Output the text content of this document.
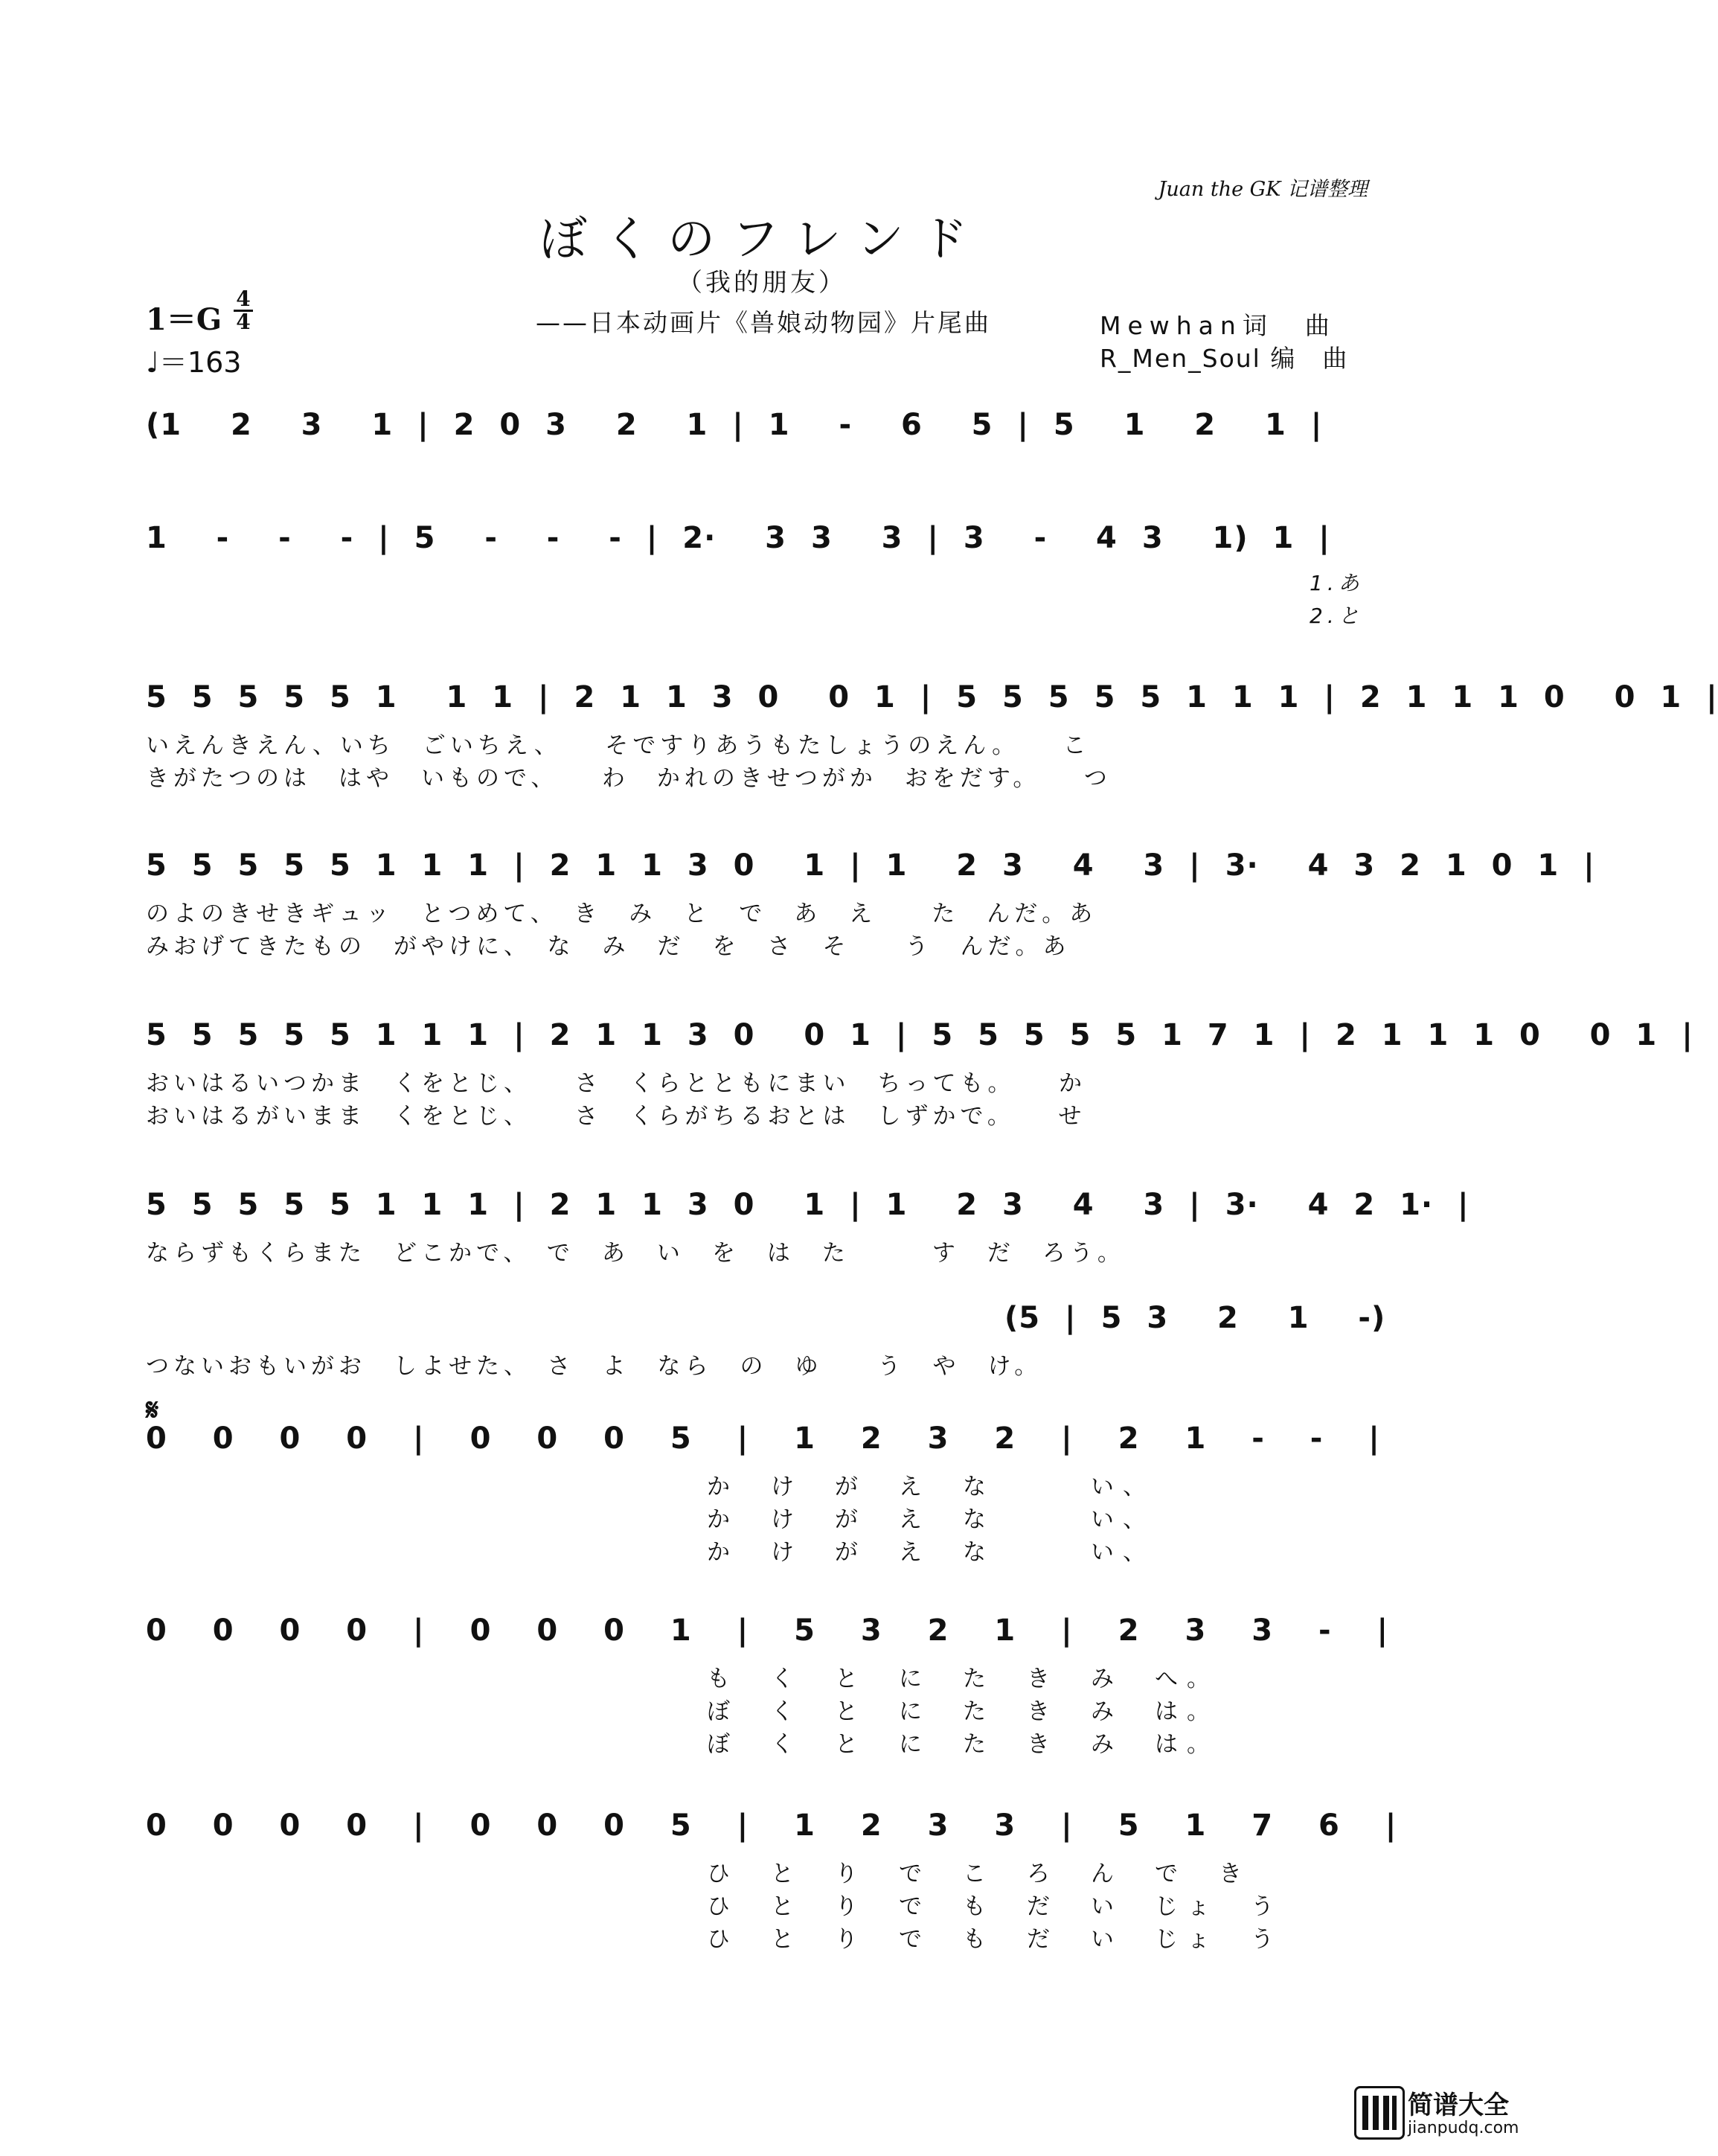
Juan the GK 记谱整理
ぼくのフレンド
（我的朋友）
——日本动画片《兽娘动物园》片尾曲
1＝G
4
4
♩＝163
Mewhan词　曲
R_Men_Soul 编　曲
(1  2  3  1 | 2 0 3  2  1 | 1  -  6  5 | 5  1  2  1 |
1  -  -  - | 5  -  -  - | 2·  3 3  3 | 3  -  4 3  1) 1 |
1.あ
2.と
5 5 5 5 5 1  1 1 | 2 1 1 3 0  0 1 | 5 5 5 5 5 1 1 1 | 2 1 1 1 0  0 1 |
いえんきえん、いち　ごいちえ、　　そですりあうもたしょうのえん。　　こ
きがたつのは　はや　いもので、　　わ　かれのきせつがか　おをだす。　　つ
5 5 5 5 5 1 1 1 | 2 1 1 3 0  1 | 1  2 3  4  3 | 3·  4 3 2 1 0 1 |
のよのきせきギュッ　とつめて、　き　み　と　で　あ　え　　た　んだ。あ
みおげてきたもの　がやけに、　な　み　だ　を　さ　そ　　う　んだ。あ
5 5 5 5 5 1 1 1 | 2 1 1 3 0  0 1 | 5 5 5 5 5 1 7 1 | 2 1 1 1 0  0 1 |
おいはるいつかま　くをとじ、　　さ　くらとともにまい　ちっても。　　か
おいはるがいまま　くをとじ、　　さ　くらがちるおとは　しずかで。　　せ
5 5 5 5 5 1 1 1 | 2 1 1 3 0  1 | 1  2 3  4  3 | 3·  4 2 1· |
ならずもくらまた　どこかで、　で　あ　い　を　は　た　　　す　だ　ろう。
(5 | 5 3  2  1  -)
つないおもいがお　しよせた、　さ　よ　なら　の　ゆ　　う　や　け。
0 0 0 0 | 0 0 0 5 | 1 2 3 2 | 2 1 - - |
か　け　が　え　な　　　い、
か　け　が　え　な　　　い、
か　け　が　え　な　　　い、
0 0 0 0 | 0 0 0 1 | 5 3 2 1 | 2 3 3 - |
も　く　と　に　た　き　み　へ。
ぼ　く　と　に　た　き　み　は。
ぼ　く　と　に　た　き　み　は。
0 0 0 0 | 0 0 0 5 | 1 2 3 3 | 5 1 7 6 |
ひ　と　り　で　こ　ろ　ん　で　き
ひ　と　り　で　も　だ　い　じょ　う
ひ　と　り　で　も　だ　い　じょ　う
𝄋
简谱大全
jianpudq.com
